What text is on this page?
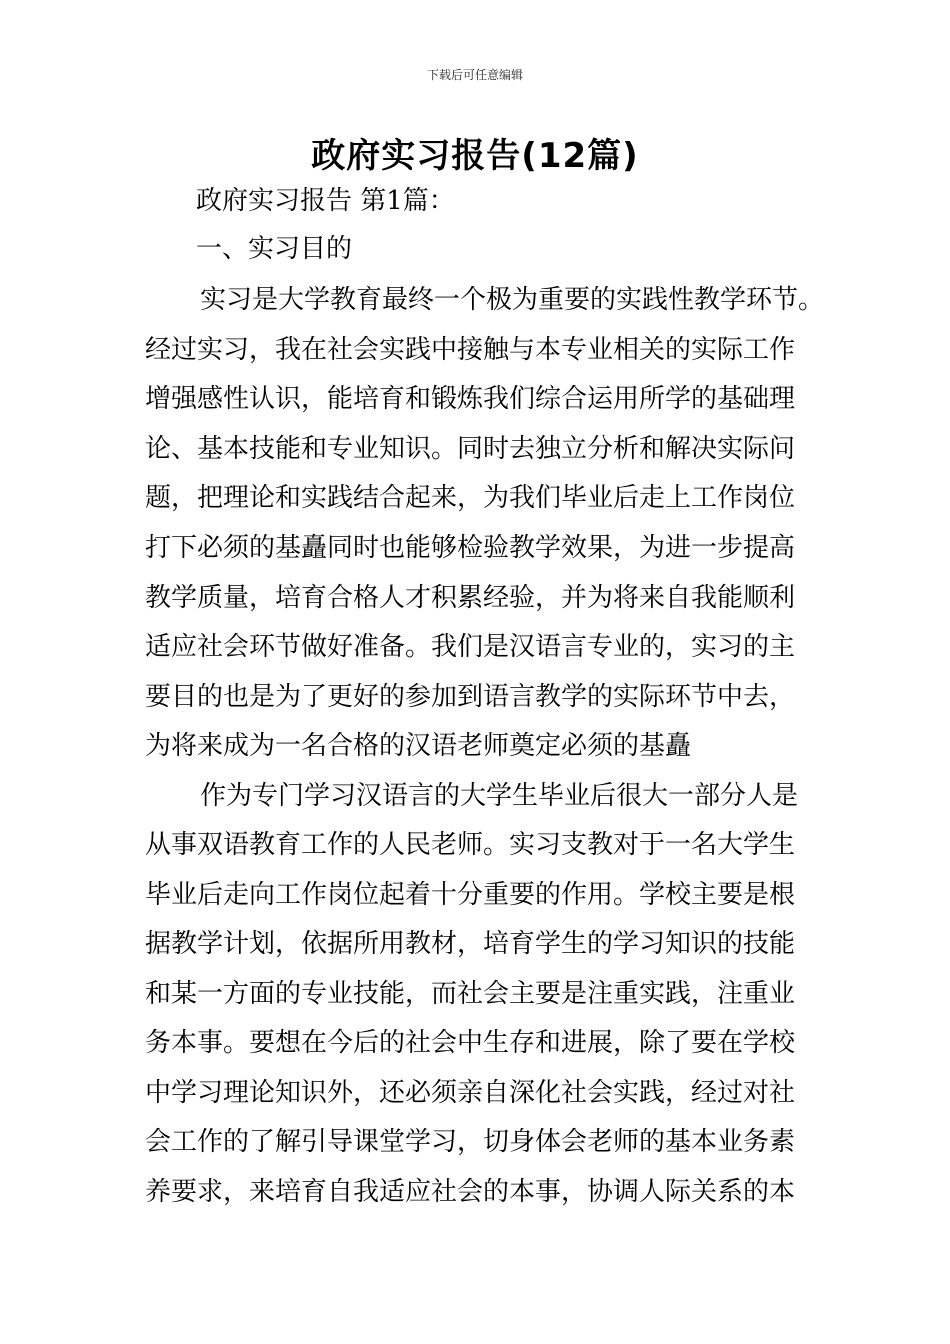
下载后可任意编辑
政府实习报告(12篇)
政府实习报告 第1篇：
一、实习目的
实习是大学教育最终一个极为重要的实践性教学环节。
经过实习，我在社会实践中接触与本专业相关的实际工作
增强感性认识，能培育和锻炼我们综合运用所学的基础理
论、基本技能和专业知识。同时去独立分析和解决实际问
题，把理论和实践结合起来，为我们毕业后走上工作岗位
打下必须的基矗同时也能够检验教学效果，为进一步提高
教学质量，培育合格人才积累经验，并为将来自我能顺利
适应社会环节做好准备。我们是汉语言专业的，实习的主
要目的也是为了更好的参加到语言教学的实际环节中去，
为将来成为一名合格的汉语老师奠定必须的基矗
作为专门学习汉语言的大学生毕业后很大一部分人是
从事双语教育工作的人民老师。实习支教对于一名大学生
毕业后走向工作岗位起着十分重要的作用。学校主要是根
据教学计划，依据所用教材，培育学生的学习知识的技能
和某一方面的专业技能，而社会主要是注重实践，注重业
务本事。要想在今后的社会中生存和进展，除了要在学校
中学习理论知识外，还必须亲自深化社会实践，经过对社
会工作的了解引导课堂学习，切身体会老师的基本业务素
养要求，来培育自我适应社会的本事，协调人际关系的本
